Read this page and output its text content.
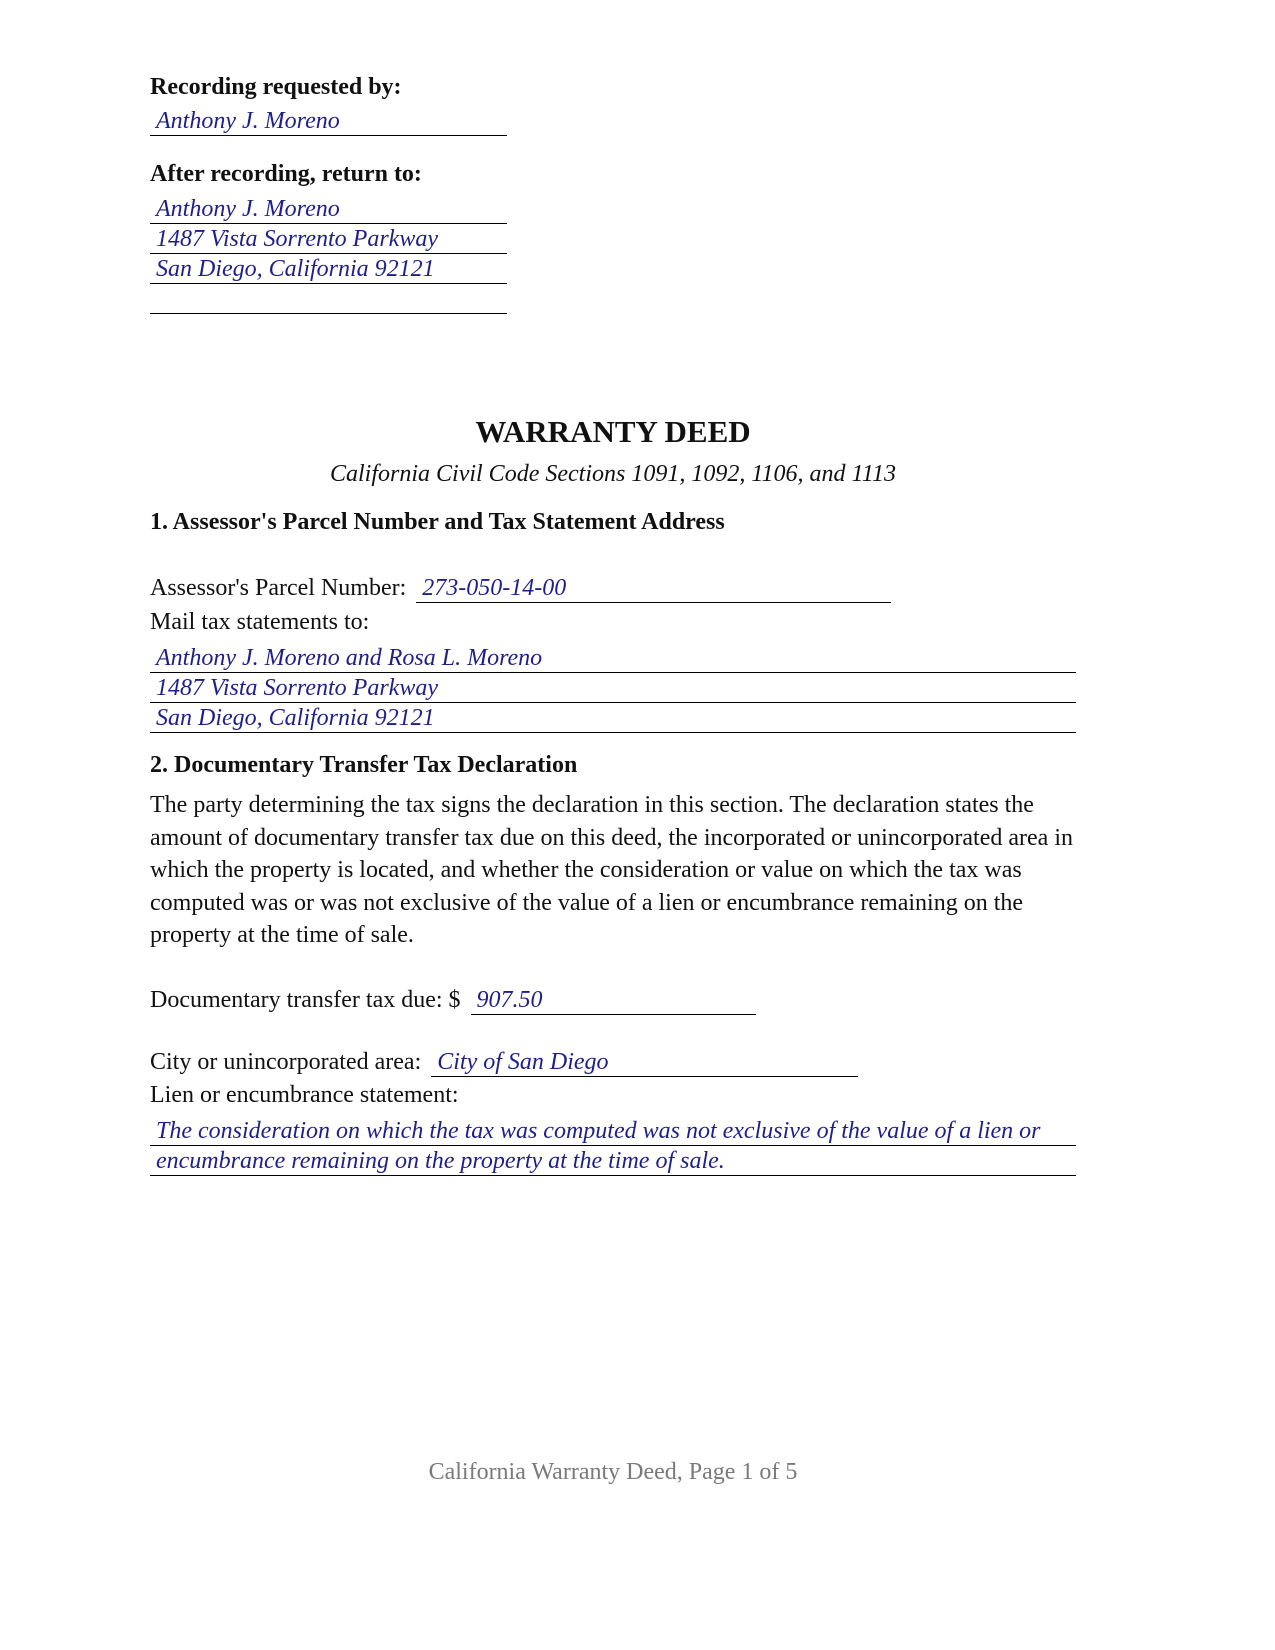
Recording requested by:
Anthony J. Moreno
After recording, return to:
Anthony J. Moreno
1487 Vista Sorrento Parkway
San Diego, California 92121
WARRANTY DEED
California Civil Code Sections 1091, 1092, 1106, and 1113
1. Assessor's Parcel Number and Tax Statement Address
Assessor's Parcel Number: 273-050-14-00
Mail tax statements to:
Anthony J. Moreno and Rosa L. Moreno
1487 Vista Sorrento Parkway
San Diego, California 92121
2. Documentary Transfer Tax Declaration
The party determining the tax signs the declaration in this section. The declaration states the amount of documentary transfer tax due on this deed, the incorporated or unincorporated area in which the property is located, and whether the consideration or value on which the tax was computed was or was not exclusive of the value of a lien or encumbrance remaining on the property at the time of sale.
Documentary transfer tax due: $ 907.50
City or unincorporated area: City of San Diego
Lien or encumbrance statement:
The consideration on which the tax was computed was not exclusive of the value of a lien or
encumbrance remaining on the property at the time of sale.
California Warranty Deed, Page 1 of 5
